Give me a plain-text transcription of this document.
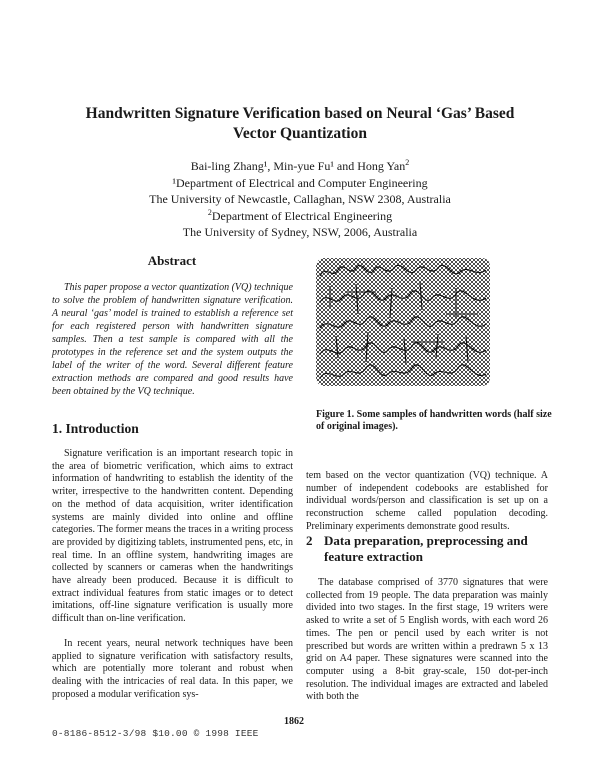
Handwritten Signature Verification based on Neural ‘Gas’ Based
Vector Quantization
Bai-ling Zhang¹, Min-yue Fu¹ and Hong Yan$^2$
¹Department of Electrical and Computer Engineering
The University of Newcastle, Callaghan, NSW 2308, Australia
$^2$Department of Electrical Engineering
The University of Sydney, NSW, 2006, Australia
Abstract
This paper propose a vector quantization (VQ) technique to solve the problem of handwritten signature verification. A neural ‘gas’ model is trained to establish a reference set for each registered person with handwritten signature samples. Then a test sample is compared with all the prototypes in the reference set and the system outputs the label of the writer of the word. Several different feature extraction methods are compared and good results have been obtained by the VQ technique.
Figure 1. Some samples of handwritten words (half size of original images).
1. Introduction

Signature verification is an important research topic in the area of biometric verification, which aims to extract information of handwriting to establish the identity of the writer, irrespective to the handwritten content. Depending on the method of data acquisition, writer identification systems are mainly divided into online and offline categories. The former means the traces in a writing process are provided by digitizing tablets, instrumented pens, etc, in real time. In an offline system, handwriting images are collected by scanners or cameras when the handwritings have already been produced. Because it is difficult to extract individual features from static images or to detect imitations, off-line signature verification is usually more difficult than on-line verification.

In recent years, neural network techniques have been applied to signature verification with satisfactory results, which are potentially more tolerant and robust when dealing with the intricacies of real data. In this paper, we proposed a modular verification sys-

tem based on the vector quantization (VQ) technique. A number of independent codebooks are established for individual words/person and classification is set up on a reconstruction scheme called population decoding. Preliminary experiments demonstrate good results.

2 Data preparation, preprocessing and
feature extraction

The database comprised of 3770 signatures that were collected from 19 people. The data preparation was mainly divided into two stages. In the first stage, 19 writers were asked to write a set of 5 English words, with each word 26 times. The pen or pencil used by each writer is not prescribed but words are written within a predrawn 5 x 13 grid on A4 paper. These signatures were scanned into the computer using a 8-bit gray-scale, 150 dot-per-inch resolution. The individual images are extracted and labeled with both the

1862
0-8186-8512-3/98 $10.00 © 1998 IEEE
